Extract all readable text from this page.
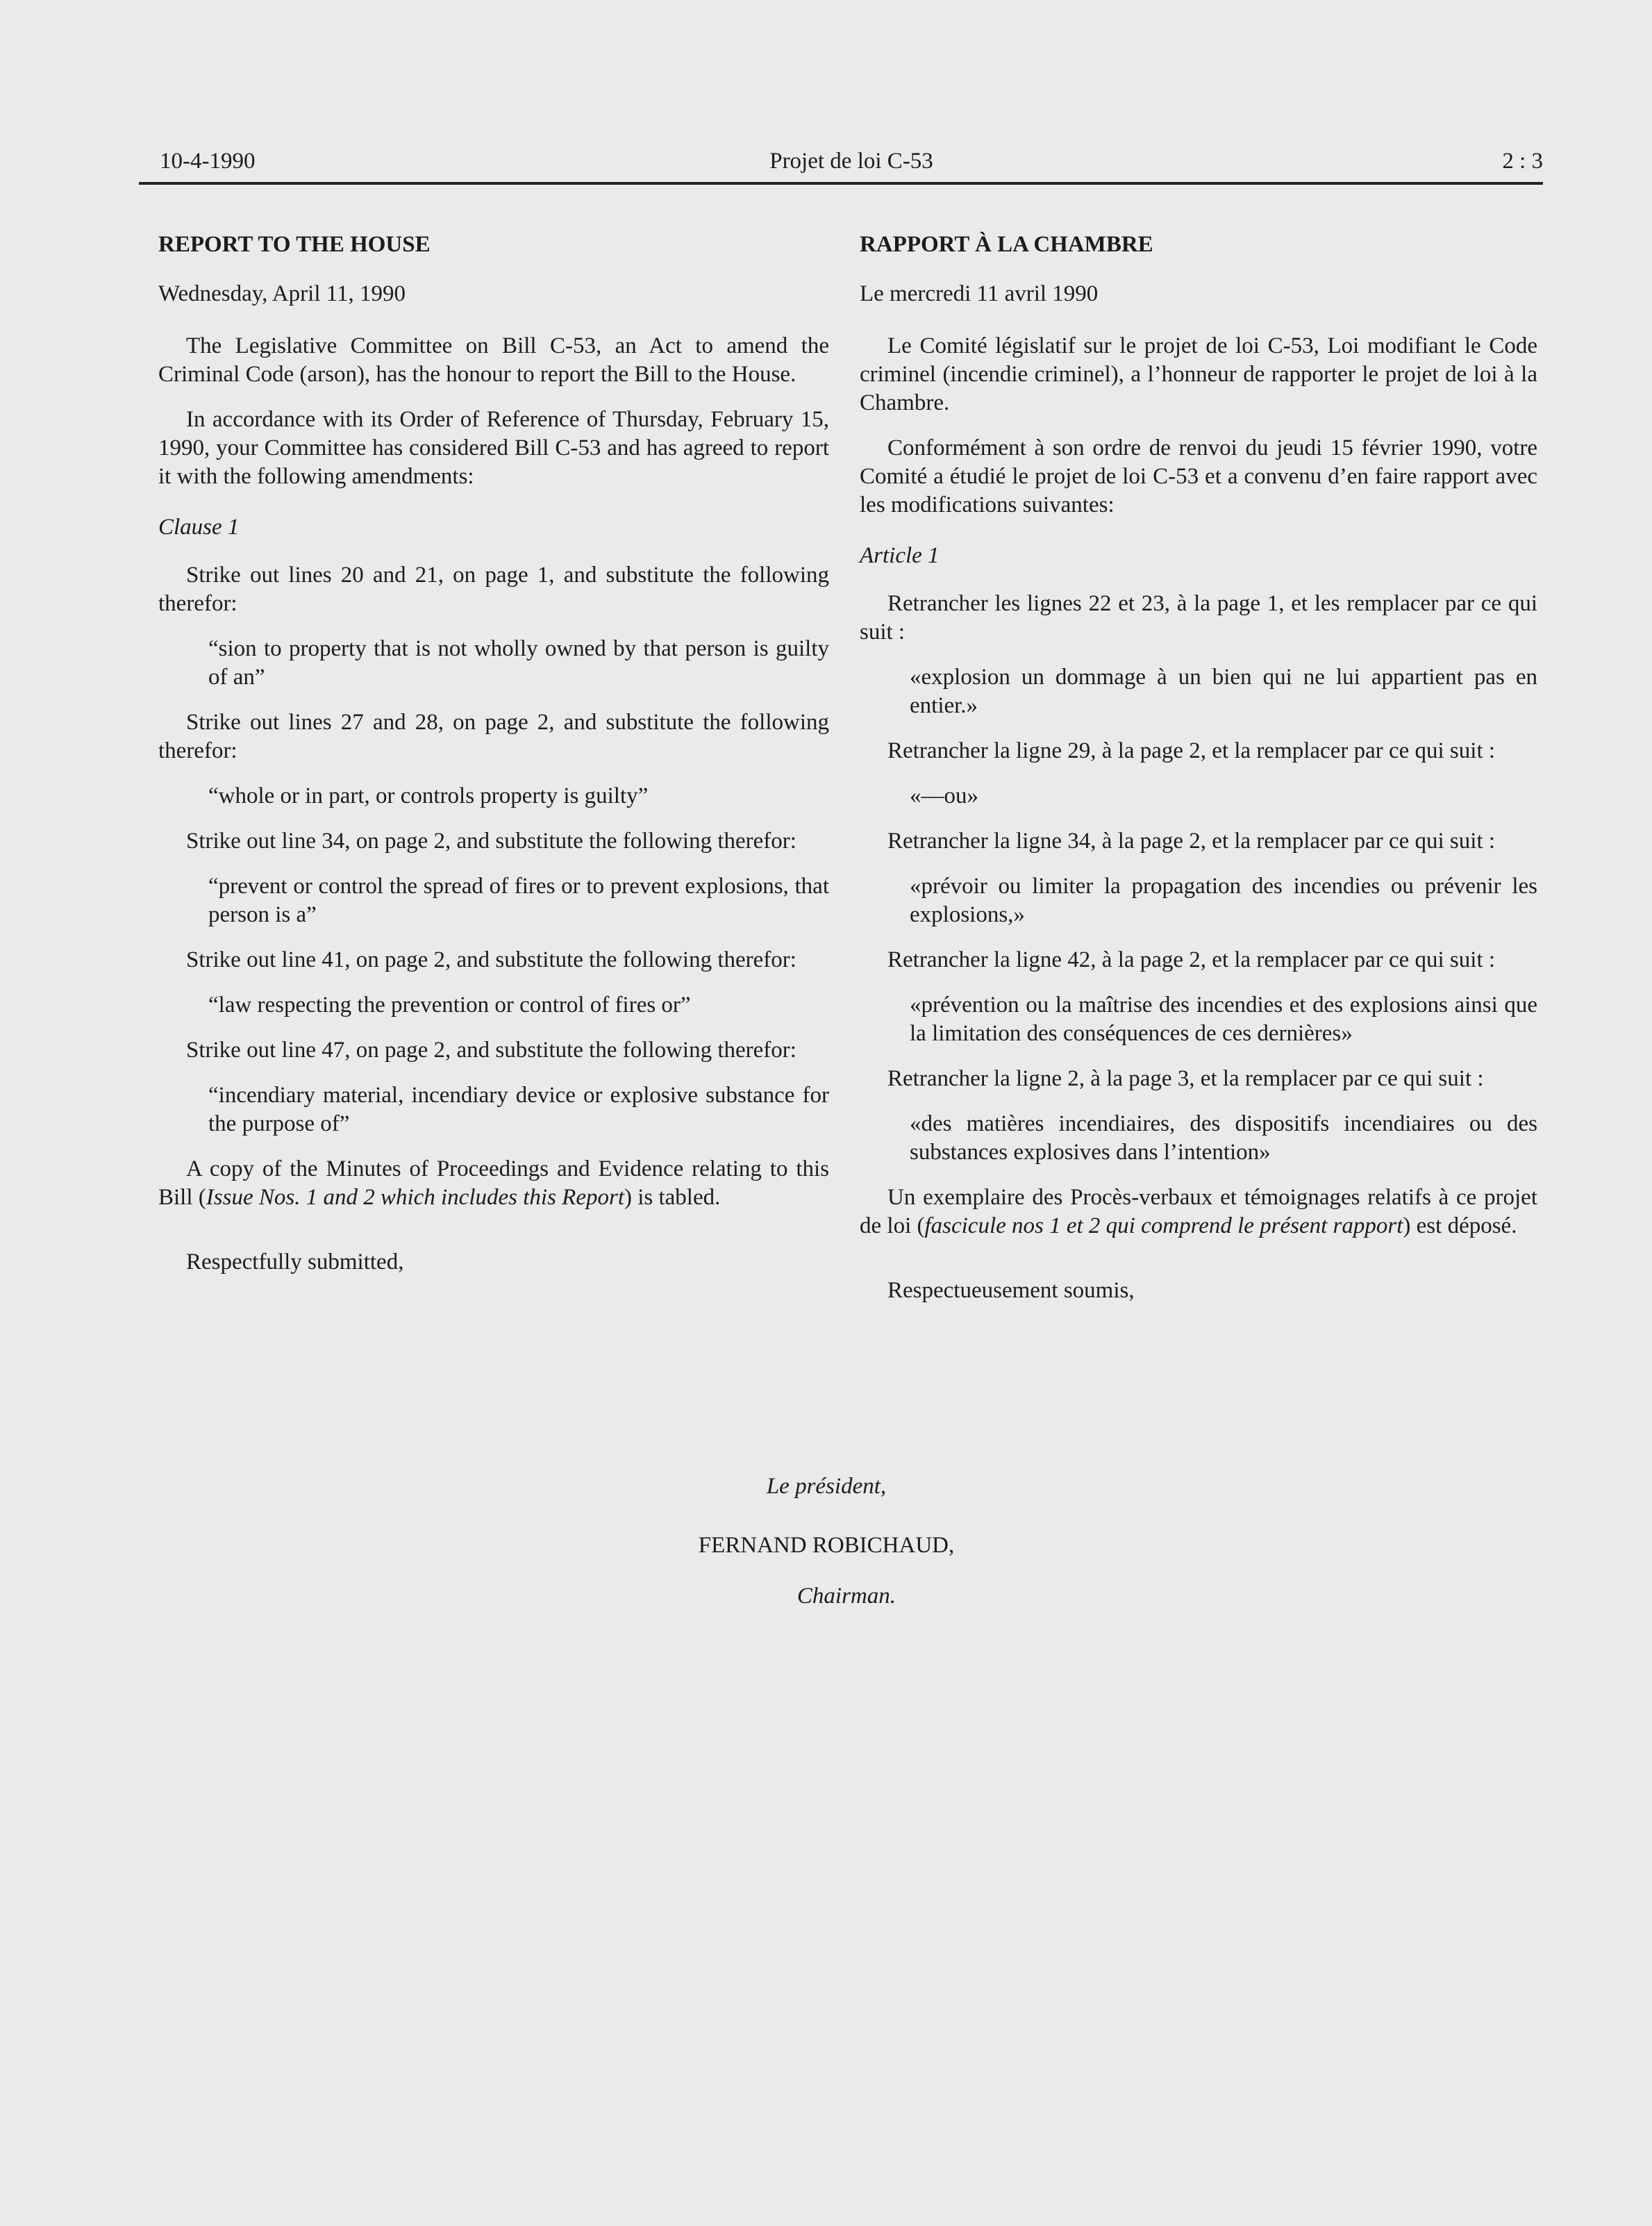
10-4-1990	Projet de loi C-53	2 : 3

REPORT TO THE HOUSE

Wednesday, April 11, 1990

The Legislative Committee on Bill C-53, an Act to amend the Criminal Code (arson), has the honour to report the Bill to the House.

In accordance with its Order of Reference of Thursday, February 15, 1990, your Committee has considered Bill C-53 and has agreed to report it with the following amendments:

Clause 1

Strike out lines 20 and 21, on page 1, and substitute the following therefor:

“sion to property that is not wholly owned by that person is guilty of an”

Strike out lines 27 and 28, on page 2, and substitute the following therefor:

“whole or in part, or controls property is guilty”

Strike out line 34, on page 2, and substitute the following therefor:

“prevent or control the spread of fires or to prevent explosions, that person is a”

Strike out line 41, on page 2, and substitute the following therefor:

“law respecting the prevention or control of fires or”

Strike out line 47, on page 2, and substitute the following therefor:

“incendiary material, incendiary device or explosive substance for the purpose of”

A copy of the Minutes of Proceedings and Evidence relating to this Bill (Issue Nos. 1 and 2 which includes this Report) is tabled.

Respectfully submitted,

RAPPORT À LA CHAMBRE

Le mercredi 11 avril 1990

Le Comité législatif sur le projet de loi C-53, Loi modifiant le Code criminel (incendie criminel), a l’honneur de rapporter le projet de loi à la Chambre.

Conformément à son ordre de renvoi du jeudi 15 février 1990, votre Comité a étudié le projet de loi C-53 et a convenu d’en faire rapport avec les modifications suivantes:

Article 1

Retrancher les lignes 22 et 23, à la page 1, et les remplacer par ce qui suit :

«explosion un dommage à un bien qui ne lui appartient pas en entier.»

Retrancher la ligne 29, à la page 2, et la remplacer par ce qui suit :

«—ou»

Retrancher la ligne 34, à la page 2, et la remplacer par ce qui suit :

«prévoir ou limiter la propagation des incendies ou prévenir les explosions,»

Retrancher la ligne 42, à la page 2, et la remplacer par ce qui suit :

«prévention ou la maîtrise des incendies et des explosions ainsi que la limitation des conséquences de ces dernières»

Retrancher la ligne 2, à la page 3, et la remplacer par ce qui suit :

«des matières incendiaires, des dispositifs incendiaires ou des substances explosives dans l’intention»

Un exemplaire des Procès-verbaux et témoignages relatifs à ce projet de loi (fascicule nos 1 et 2 qui comprend le présent rapport) est déposé.

Respectueusement soumis,

Le président,
FERNAND ROBICHAUD,
Chairman.
